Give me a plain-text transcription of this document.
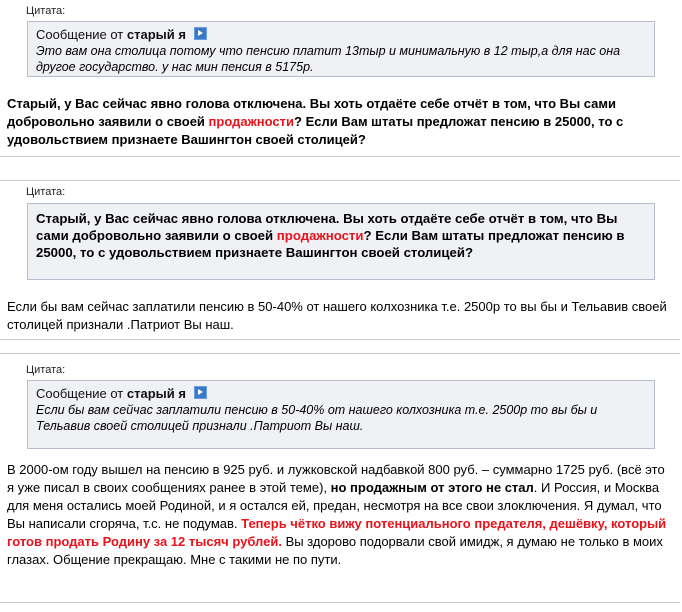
Цитата:
Сообщение от старый я
Это вам она столица потому что пенсию платит 13тыр и минимальную в 12 тыр,а для нас она другое государство. у нас мин пенсия в 5175р.
Старый, у Вас сейчас явно голова отключена. Вы хоть отдаёте себе отчёт в том, что Вы сами добровольно заявили о своей продажности? Если Вам штаты предложат пенсию в 25000, то с удовольствием признаете Вашингтон своей столицей?
Цитата:
Старый, у Вас сейчас явно голова отключена. Вы хоть отдаёте себе отчёт в том, что Вы сами добровольно заявили о своей продажности? Если Вам штаты предложат пенсию в 25000, то с удовольствием признаете Вашингтон своей столицей?
Если бы вам сейчас заплатили пенсию в 50-40% от нашего колхозника т.е. 2500р то вы бы и Тельавив своей столицей признали .Патриот Вы наш.
Цитата:
Сообщение от старый я
Если бы вам сейчас заплатили пенсию в 50-40% от нашего колхозника т.е. 2500р то вы бы и Тельавив своей столицей признали .Патриот Вы наш.
В 2000-ом году вышел на пенсию в 925 руб. и лужковской надбавкой 800 руб. – суммарно 1725 руб. (всё это я уже писал в своих сообщениях ранее в этой теме), но продажным от этого не стал. И Россия, и Москва для меня остались моей Родиной, и я остался ей, предан, несмотря на все свои злоключения. Я думал, что Вы написали сгоряча, т.с. не подумав. Теперь чётко вижу потенциального предателя, дешёвку, который готов продать Родину за 12 тысяч рублей. Вы здорово подорвали свой имидж, я думаю не только в моих глазах. Общение прекращаю. Мне с такими не по пути.
